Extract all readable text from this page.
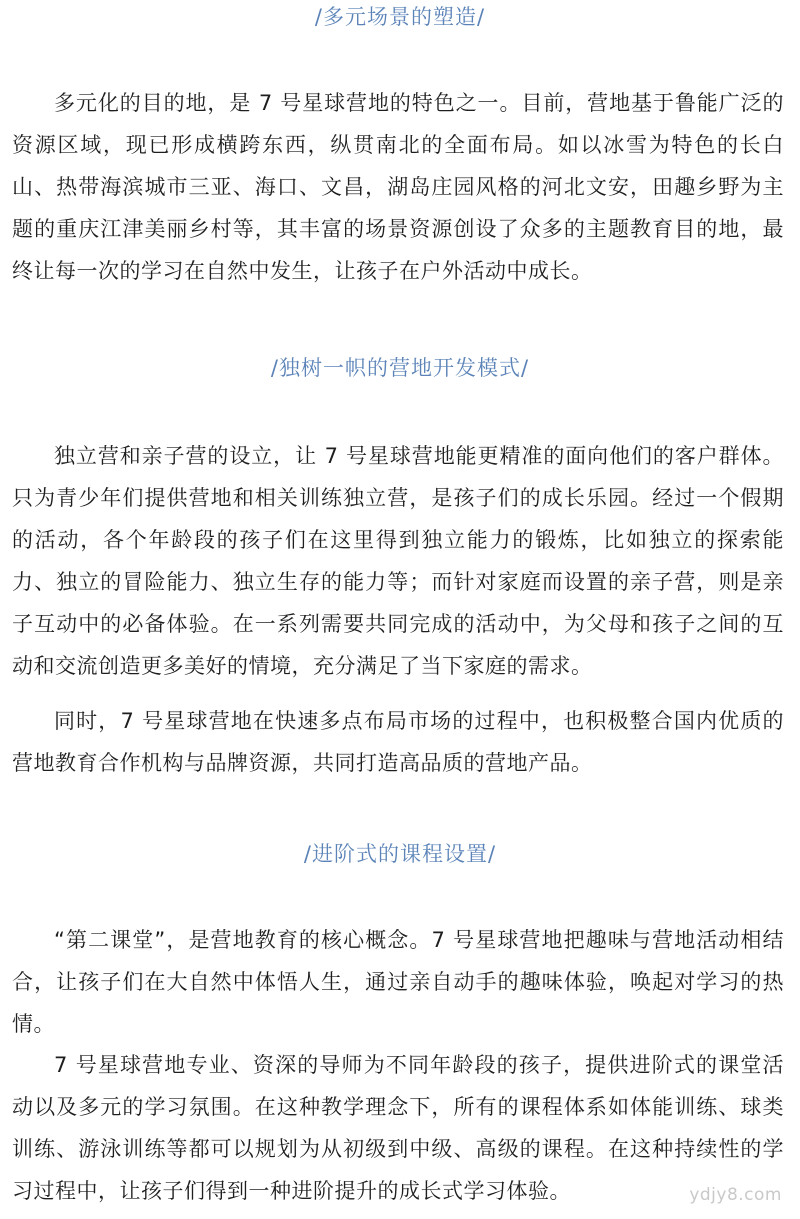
/多元场景的塑造/
多元化的目的地，是 7 号星球营地的特色之一。目前，营地基于鲁能广泛的资源区域，现已形成横跨东西，纵贯南北的全面布局。如以冰雪为特色的长白山、热带海滨城市三亚、海口、文昌，湖岛庄园风格的河北文安，田趣乡野为主题的重庆江津美丽乡村等，其丰富的场景资源创设了众多的主题教育目的地，最终让每一次的学习在自然中发生，让孩子在户外活动中成长。
/独树一帜的营地开发模式/
独立营和亲子营的设立，让 7 号星球营地能更精准的面向他们的客户群体。只为青少年们提供营地和相关训练独立营，是孩子们的成长乐园。经过一个假期的活动，各个年龄段的孩子们在这里得到独立能力的锻炼，比如独立的探索能力、独立的冒险能力、独立生存的能力等；而针对家庭而设置的亲子营，则是亲子互动中的必备体验。在一系列需要共同完成的活动中，为父母和孩子之间的互动和交流创造更多美好的情境，充分满足了当下家庭的需求。
同时，7 号星球营地在快速多点布局市场的过程中，也积极整合国内优质的营地教育合作机构与品牌资源，共同打造高品质的营地产品。
/进阶式的课程设置/
“第二课堂”，是营地教育的核心概念。7 号星球营地把趣味与营地活动相结合，让孩子们在大自然中体悟人生，通过亲自动手的趣味体验，唤起对学习的热情。
7 号星球营地专业、资深的导师为不同年龄段的孩子，提供进阶式的课堂活动以及多元的学习氛围。在这种教学理念下，所有的课程体系如体能训练、球类训练、游泳训练等都可以规划为从初级到中级、高级的课程。在这种持续性的学习过程中，让孩子们得到一种进阶提升的成长式学习体验。	ydjy8.com
